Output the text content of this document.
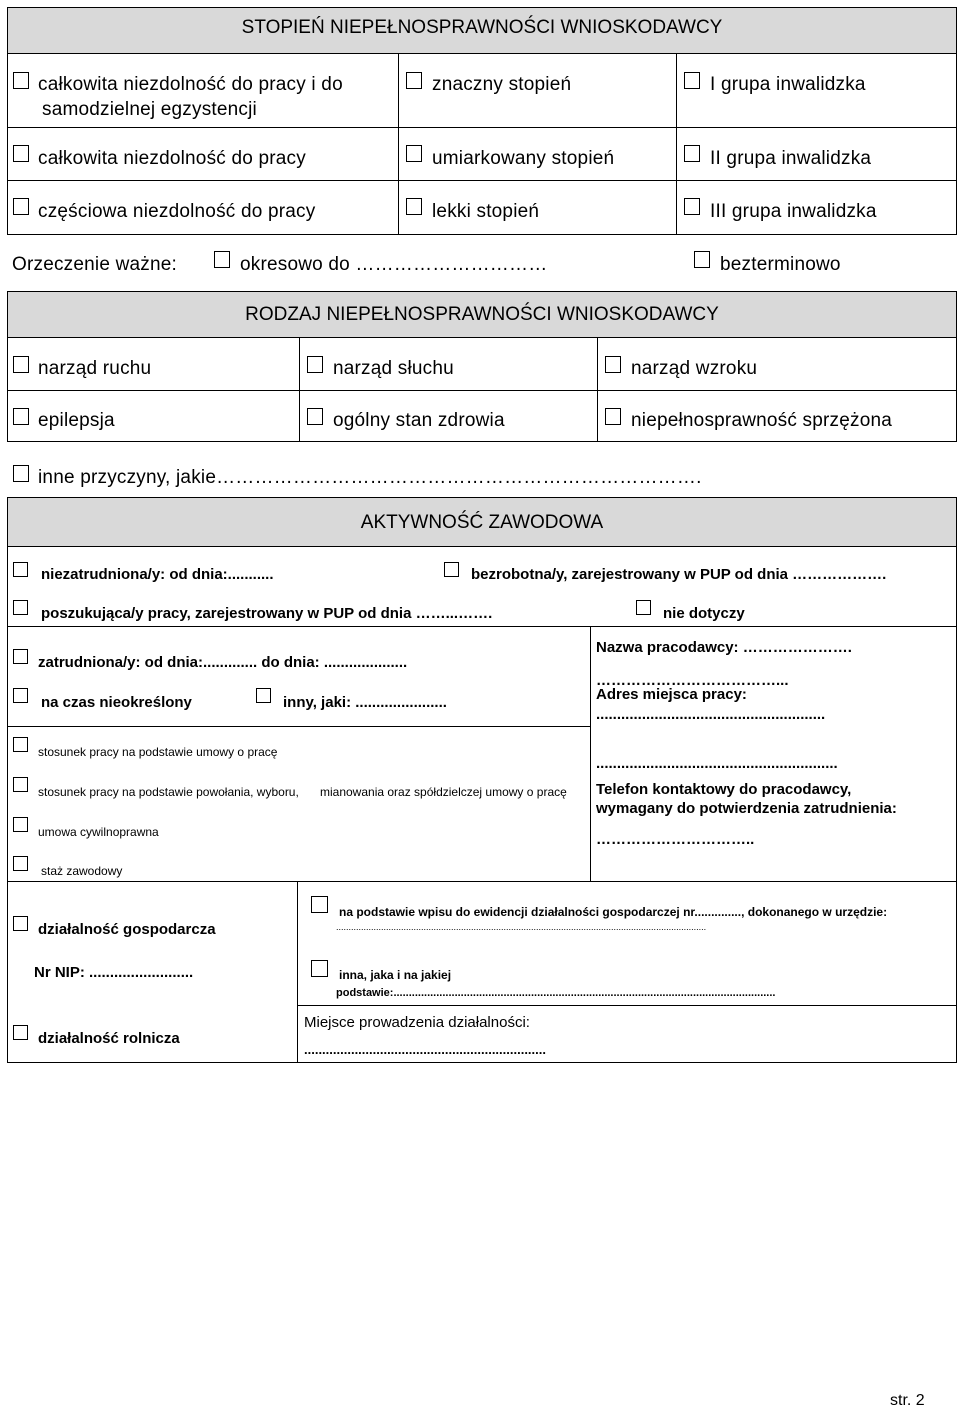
STOPIEŃ NIEPEŁNOSPRAWNOŚCI WNIOSKODAWCY
całkowita niezdolność do pracy i do
samodzielnej egzystencji
znaczny stopień	I grupa inwalidzka
całkowita niezdolność do pracy	umiarkowany stopień	II grupa inwalidzka
częściowa niezdolność do pracy	lekki stopień	III grupa inwalidzka
Orzeczenie ważne:	okresowo do …………………………	bezterminowo
RODZAJ NIEPEŁNOSPRAWNOŚCI WNIOSKODAWCY
narząd ruchu	narząd słuchu	narząd wzroku
epilepsja	ogólny stan zdrowia	niepełnosprawność sprzężona
inne przyczyny, jakie………………………………………………………………….
AKTYWNOŚĆ ZAWODOWA
niezatrudniona/y: od dnia:...........	bezrobotna/y, zarejestrowany w PUP od dnia ……………….
poszukująca/y pracy, zarejestrowany w PUP od dnia ……...…….	nie dotyczy
zatrudniona/y: od dnia:............. do dnia: ....................
na czas nieokreślony	inny, jaki: ......................
stosunek pracy na podstawie umowy o pracę
stosunek pracy na podstawie powołania, wyboru, mianowania oraz spółdzielczej umowy o pracę
umowa cywilnoprawna
staż zawodowy
Nazwa pracodawcy: ………………….
………………………………...
Adres miejsca pracy:
.......................................................
..........................................................
Telefon kontaktowy do pracodawcy,
wymagany do potwierdzenia zatrudnienia:
…………………………..
działalność gospodarcza
Nr NIP: .........................
działalność rolnicza
na podstawie wpisu do ewidencji działalności gospodarczej nr.............., dokonanego w urzędzie:
....................................................................................................................................................
inna, jaka i na jakiej
podstawie:.............................................................................................................................
Miejsce prowadzenia działalności:
...................................................................
str. 2
